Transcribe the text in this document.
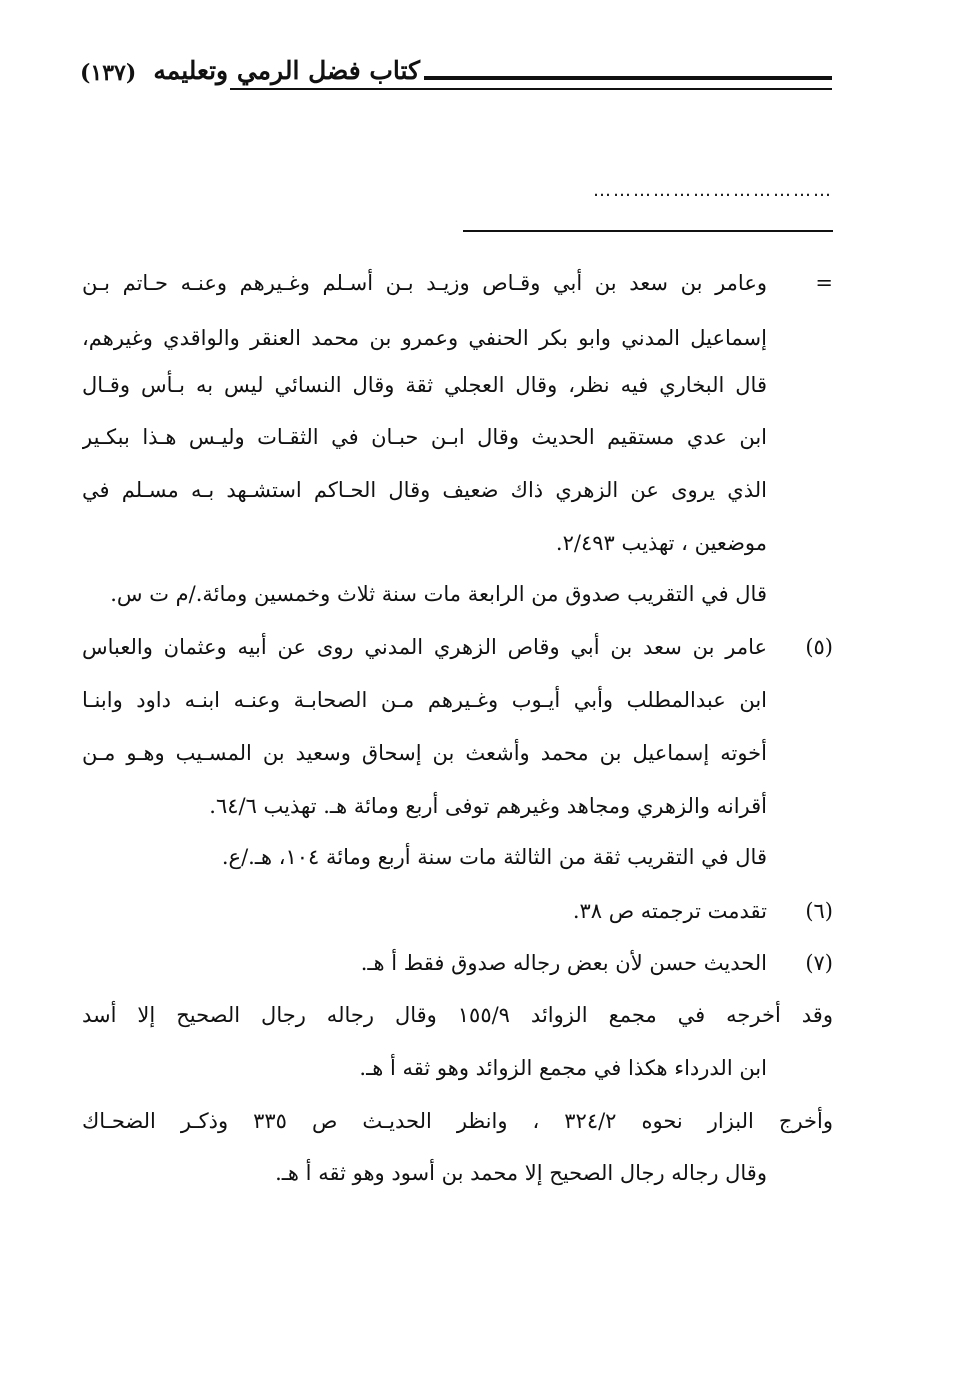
كتاب فضل الرمي وتعليمه
(١٣٧)
………………………………
=
وعامر بن سعد بن أبي وقـاص وزيـد بـن أسـلم وغـيرهم وعنـه حـاتم بـن
إسماعيل المدني وابو بكر الحنفي وعمرو بن محمد العنقر والواقدي وغيرهم،
قال البخاري فيه نظر، وقال العجلي ثقة وقال النسائي ليس به بـأس وقـال
ابن عدي مستقيم الحديث وقال ابـن حبـان في الثقـات وليـس هـذا ببكـير
الذي يروى عن الزهري ذاك ضعيف وقال الحـاكم استشـهد بـه مسـلم في
موضعين ، تهذيب ٢/٤٩٣.
قال في التقريب صدوق من الرابعة مات سنة ثلاث وخمسين ومائة./م ت س.
(٥)
عامر بن سعد بن أبي وقاص الزهري المدني روى عن أبيه وعثمان والعباس
ابن عبدالمطلب وأبي أيـوب وغـيرهم مـن الصحابـة وعنـه ابنـه داود وابنـا
أخوته إسماعيل بن محمد وأشعث بن إسحاق وسعيد بن المسـيب وهـو مـن
أقرانه والزهري ومجاهد وغيرهم توفى أربع ومائة هـ. تهذيب ٦٤/٦.
قال في التقريب ثقة من الثالثة مات سنة أربع ومائة ١٠٤، هـ./ع.
(٦)
تقدمت ترجمته ص ٣٨.
(٧)
الحديث حسن لأن بعض رجاله صدوق فقط أ هـ.
وقد أخرجه في مجمع الزوائد ١٥٥/٩ وقال رجاله رجال الصحيح إلا أسد
ابن الدرداء هكذا في مجمع الزوائد وهو ثقه أ هـ.
وأخرج البزار نحوه ٣٢٤/٢ ، وانظر الحديـث ص ٣٣٥ وذكـر الضحـاك
وقال رجاله رجال الصحيح إلا محمد بن أسود وهو ثقه أ هـ.
